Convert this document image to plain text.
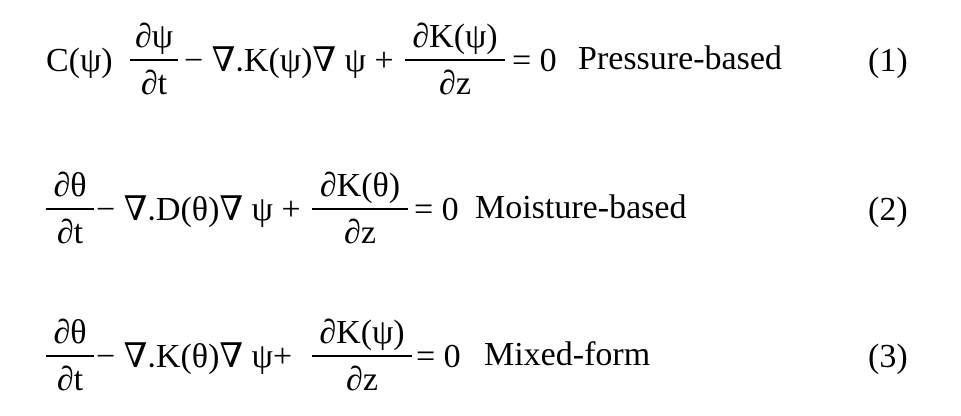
C(ψ)
∂ψ
∂t
− ∇.K(ψ)∇ ψ +
∂K(ψ)
∂z
= 0 Pressure-based	(1)
∂θ
∂t
− ∇.D(θ)∇ ψ +
∂K(θ)
∂z
= 0 Moisture-based	(2)
∂θ
∂t
− ∇.K(θ)∇ ψ+
∂K(ψ)
∂z
= 0 Mixed-form	(3)
